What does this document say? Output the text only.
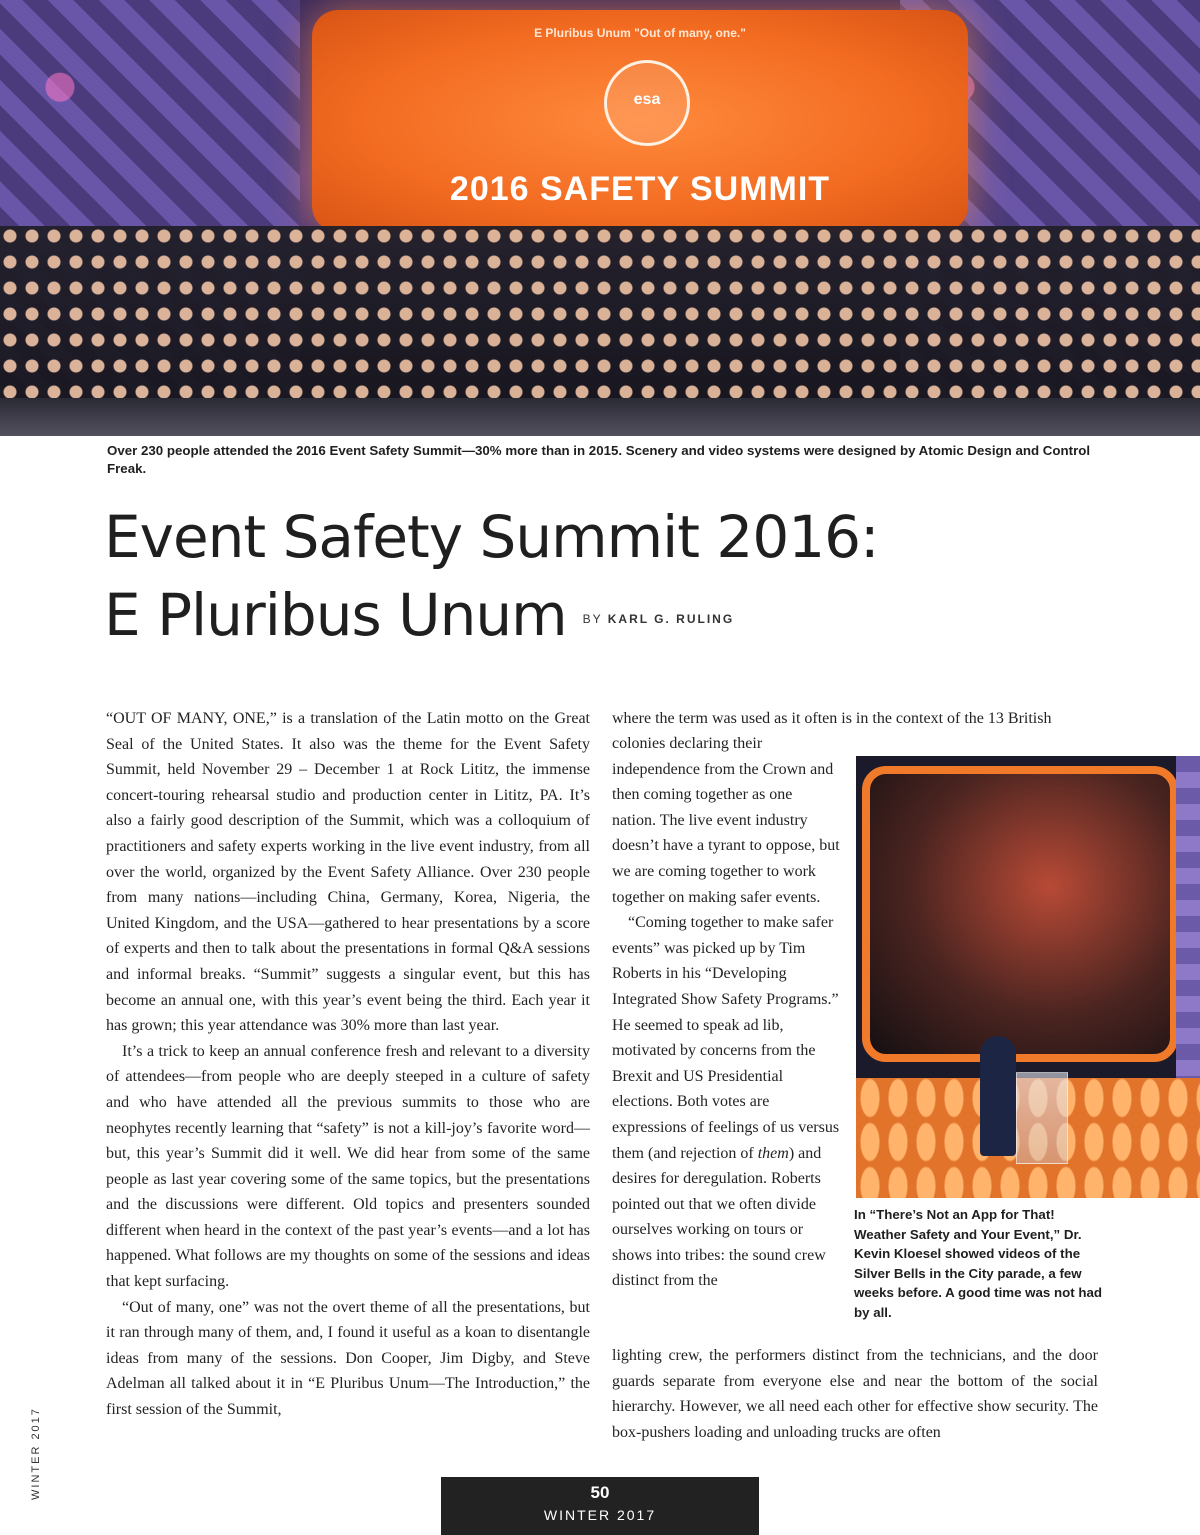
E Pluribus Unum "Out of many, one."
esa
2016 SAFETY SUMMIT
Over 230 people attended the 2016 Event Safety Summit—30% more than in 2015. Scenery and video systems were designed by Atomic Design and Control Freak.
Event Safety Summit 2016:
E Pluribus Unum BY KARL G. RULING

“OUT OF MANY, ONE,” is a translation of the Latin motto on the Great Seal of the United States. It also was the theme for the Event Safety Summit, held November 29 – December 1 at Rock Lititz, the immense concert-touring rehearsal studio and production center in Lititz, PA. It’s also a fairly good description of the Summit, which was a colloquium of practitioners and safety experts working in the live event industry, from all over the world, organized by the Event Safety Alliance. Over 230 people from many nations—including China, Germany, Korea, Nigeria, the United Kingdom, and the USA—gathered to hear presentations by a score of experts and then to talk about the presentations in formal Q&A sessions and informal breaks. “Summit” suggests a singular event, but this has become an annual one, with this year’s event being the third. Each year it has grown; this year attendance was 30% more than last year.

It’s a trick to keep an annual conference fresh and relevant to a diversity of attendees—from people who are deeply steeped in a culture of safety and who have attended all the previous summits to those who are neophytes recently learning that “safety” is not a kill-joy’s favorite word—but, this year’s Summit did it well. We did hear from some of the same people as last year covering some of the same topics, but the presentations and the discussions were different. Old topics and presenters sounded different when heard in the context of the past year’s events—and a lot has happened. What follows are my thoughts on some of the sessions and ideas that kept surfacing.

“Out of many, one” was not the overt theme of all the presentations, but it ran through many of them, and, I found it useful as a koan to disentangle ideas from many of the sessions. Don Cooper, Jim Digby, and Steve Adelman all talked about it in “E Pluribus Unum—The Introduction,” the first session of the Summit,

where the term was used as it often is in the context of the 13 British

colonies declaring their independence from the Crown and then coming together as one nation. The live event industry doesn’t have a tyrant to oppose, but we are coming together to work together on making safer events.

“Coming together to make safer events” was picked up by Tim Roberts in his “Developing Integrated Show Safety Programs.” He seemed to speak ad lib, motivated by concerns from the Brexit and US Presidential elections. Both votes are expressions of feelings of us versus them (and rejection of them) and desires for deregulation. Roberts pointed out that we often divide ourselves working on tours or shows into tribes: the sound crew distinct from the

lighting crew, the performers distinct from the technicians, and the door guards separate from everyone else and near the bottom of the social hierarchy. However, we all need each other for effective show security. The box-pushers loading and unloading trucks are often

In “There’s Not an App for That! Weather Safety and Your Event,” Dr. Kevin Kloesel showed videos of the Silver Bells in the City parade, a few weeks before. A good time was not had by all.
WINTER 2017	50
WINTER 2017
